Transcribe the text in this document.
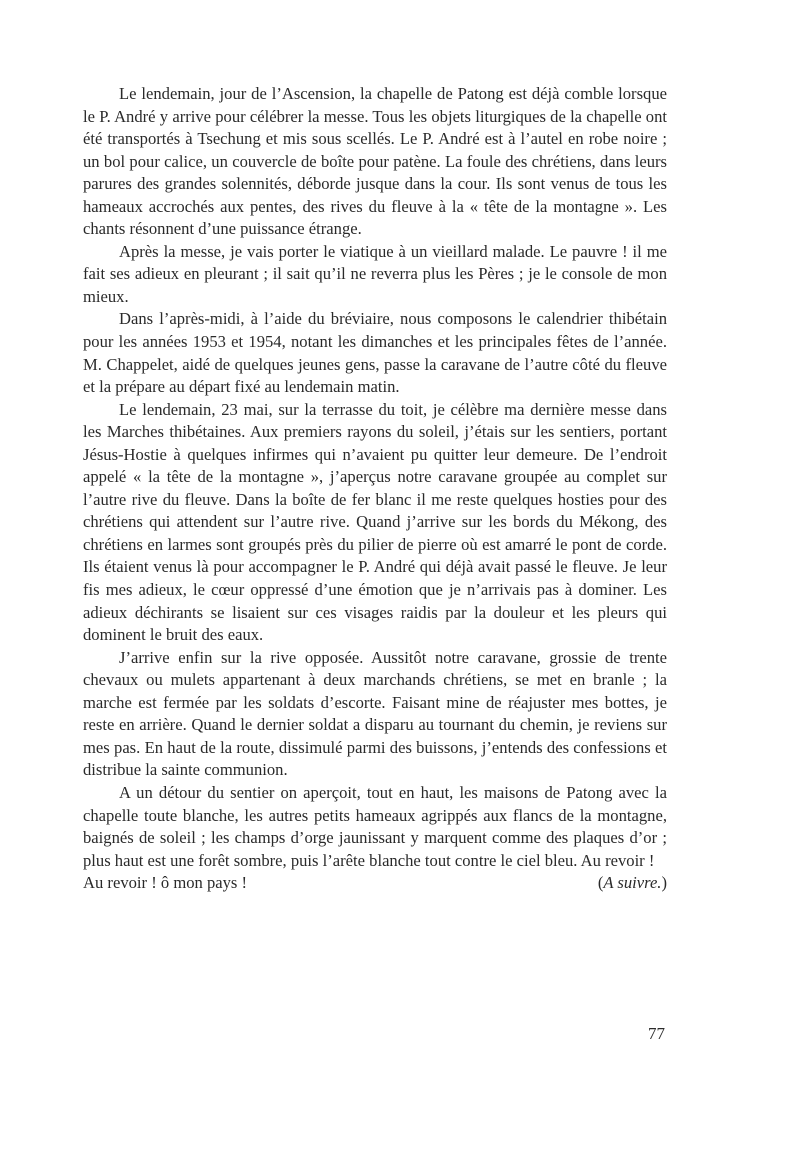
Le lendemain, jour de l’Ascension, la chapelle de Patong est déjà comble lorsque le P. André y arrive pour célébrer la messe. Tous les objets liturgiques de la chapelle ont été transportés à Tsechung et mis sous scellés. Le P. André est à l’autel en robe noire ; un bol pour calice, un couvercle de boîte pour patène. La foule des chrétiens, dans leurs parures des grandes solennités, déborde jusque dans la cour. Ils sont venus de tous les hameaux accrochés aux pentes, des rives du fleuve à la « tête de la montagne ». Les chants résonnent d’une puissance étrange.

Après la messe, je vais porter le viatique à un vieillard malade. Le pauvre ! il me fait ses adieux en pleurant ; il sait qu’il ne reverra plus les Pères ; je le console de mon mieux.

Dans l’après-midi, à l’aide du bréviaire, nous composons le calendrier thibétain pour les années 1953 et 1954, notant les dimanches et les principales fêtes de l’année. M. Chappelet, aidé de quelques jeunes gens, passe la caravane de l’autre côté du fleuve et la prépare au départ fixé au lendemain matin.

Le lendemain, 23 mai, sur la terrasse du toit, je célèbre ma dernière messe dans les Marches thibétaines. Aux premiers rayons du soleil, j’étais sur les sentiers, portant Jésus-Hostie à quelques infirmes qui n’avaient pu quitter leur demeure. De l’endroit appelé « la tête de la montagne », j’aperçus notre caravane groupée au complet sur l’autre rive du fleuve. Dans la boîte de fer blanc il me reste quelques hosties pour des chrétiens qui attendent sur l’autre rive. Quand j’arrive sur les bords du Mékong, des chrétiens en larmes sont groupés près du pilier de pierre où est amarré le pont de corde. Ils étaient venus là pour accompagner le P. André qui déjà avait passé le fleuve. Je leur fis mes adieux, le cœur oppressé d’une émotion que je n’arrivais pas à dominer. Les adieux déchirants se lisaient sur ces visages raidis par la douleur et les pleurs qui dominent le bruit des eaux.

J’arrive enfin sur la rive opposée. Aussitôt notre caravane, grossie de trente chevaux ou mulets appartenant à deux marchands chrétiens, se met en branle ; la marche est fermée par les soldats d’escorte. Faisant mine de réajuster mes bottes, je reste en arrière. Quand le dernier soldat a disparu au tournant du chemin, je reviens sur mes pas. En haut de la route, dissimulé parmi des buissons, j’entends des confessions et distribue la sainte communion.

A un détour du sentier on aperçoit, tout en haut, les maisons de Patong avec la chapelle toute blanche, les autres petits hameaux agrippés aux flancs de la montagne, baignés de soleil ; les champs d’orge jaunissant y marquent comme des plaques d’or ; plus haut est une forêt sombre, puis l’arête blanche tout contre le ciel bleu. Au revoir !

Au revoir ! ô mon pays !	(A suivre.)

77
